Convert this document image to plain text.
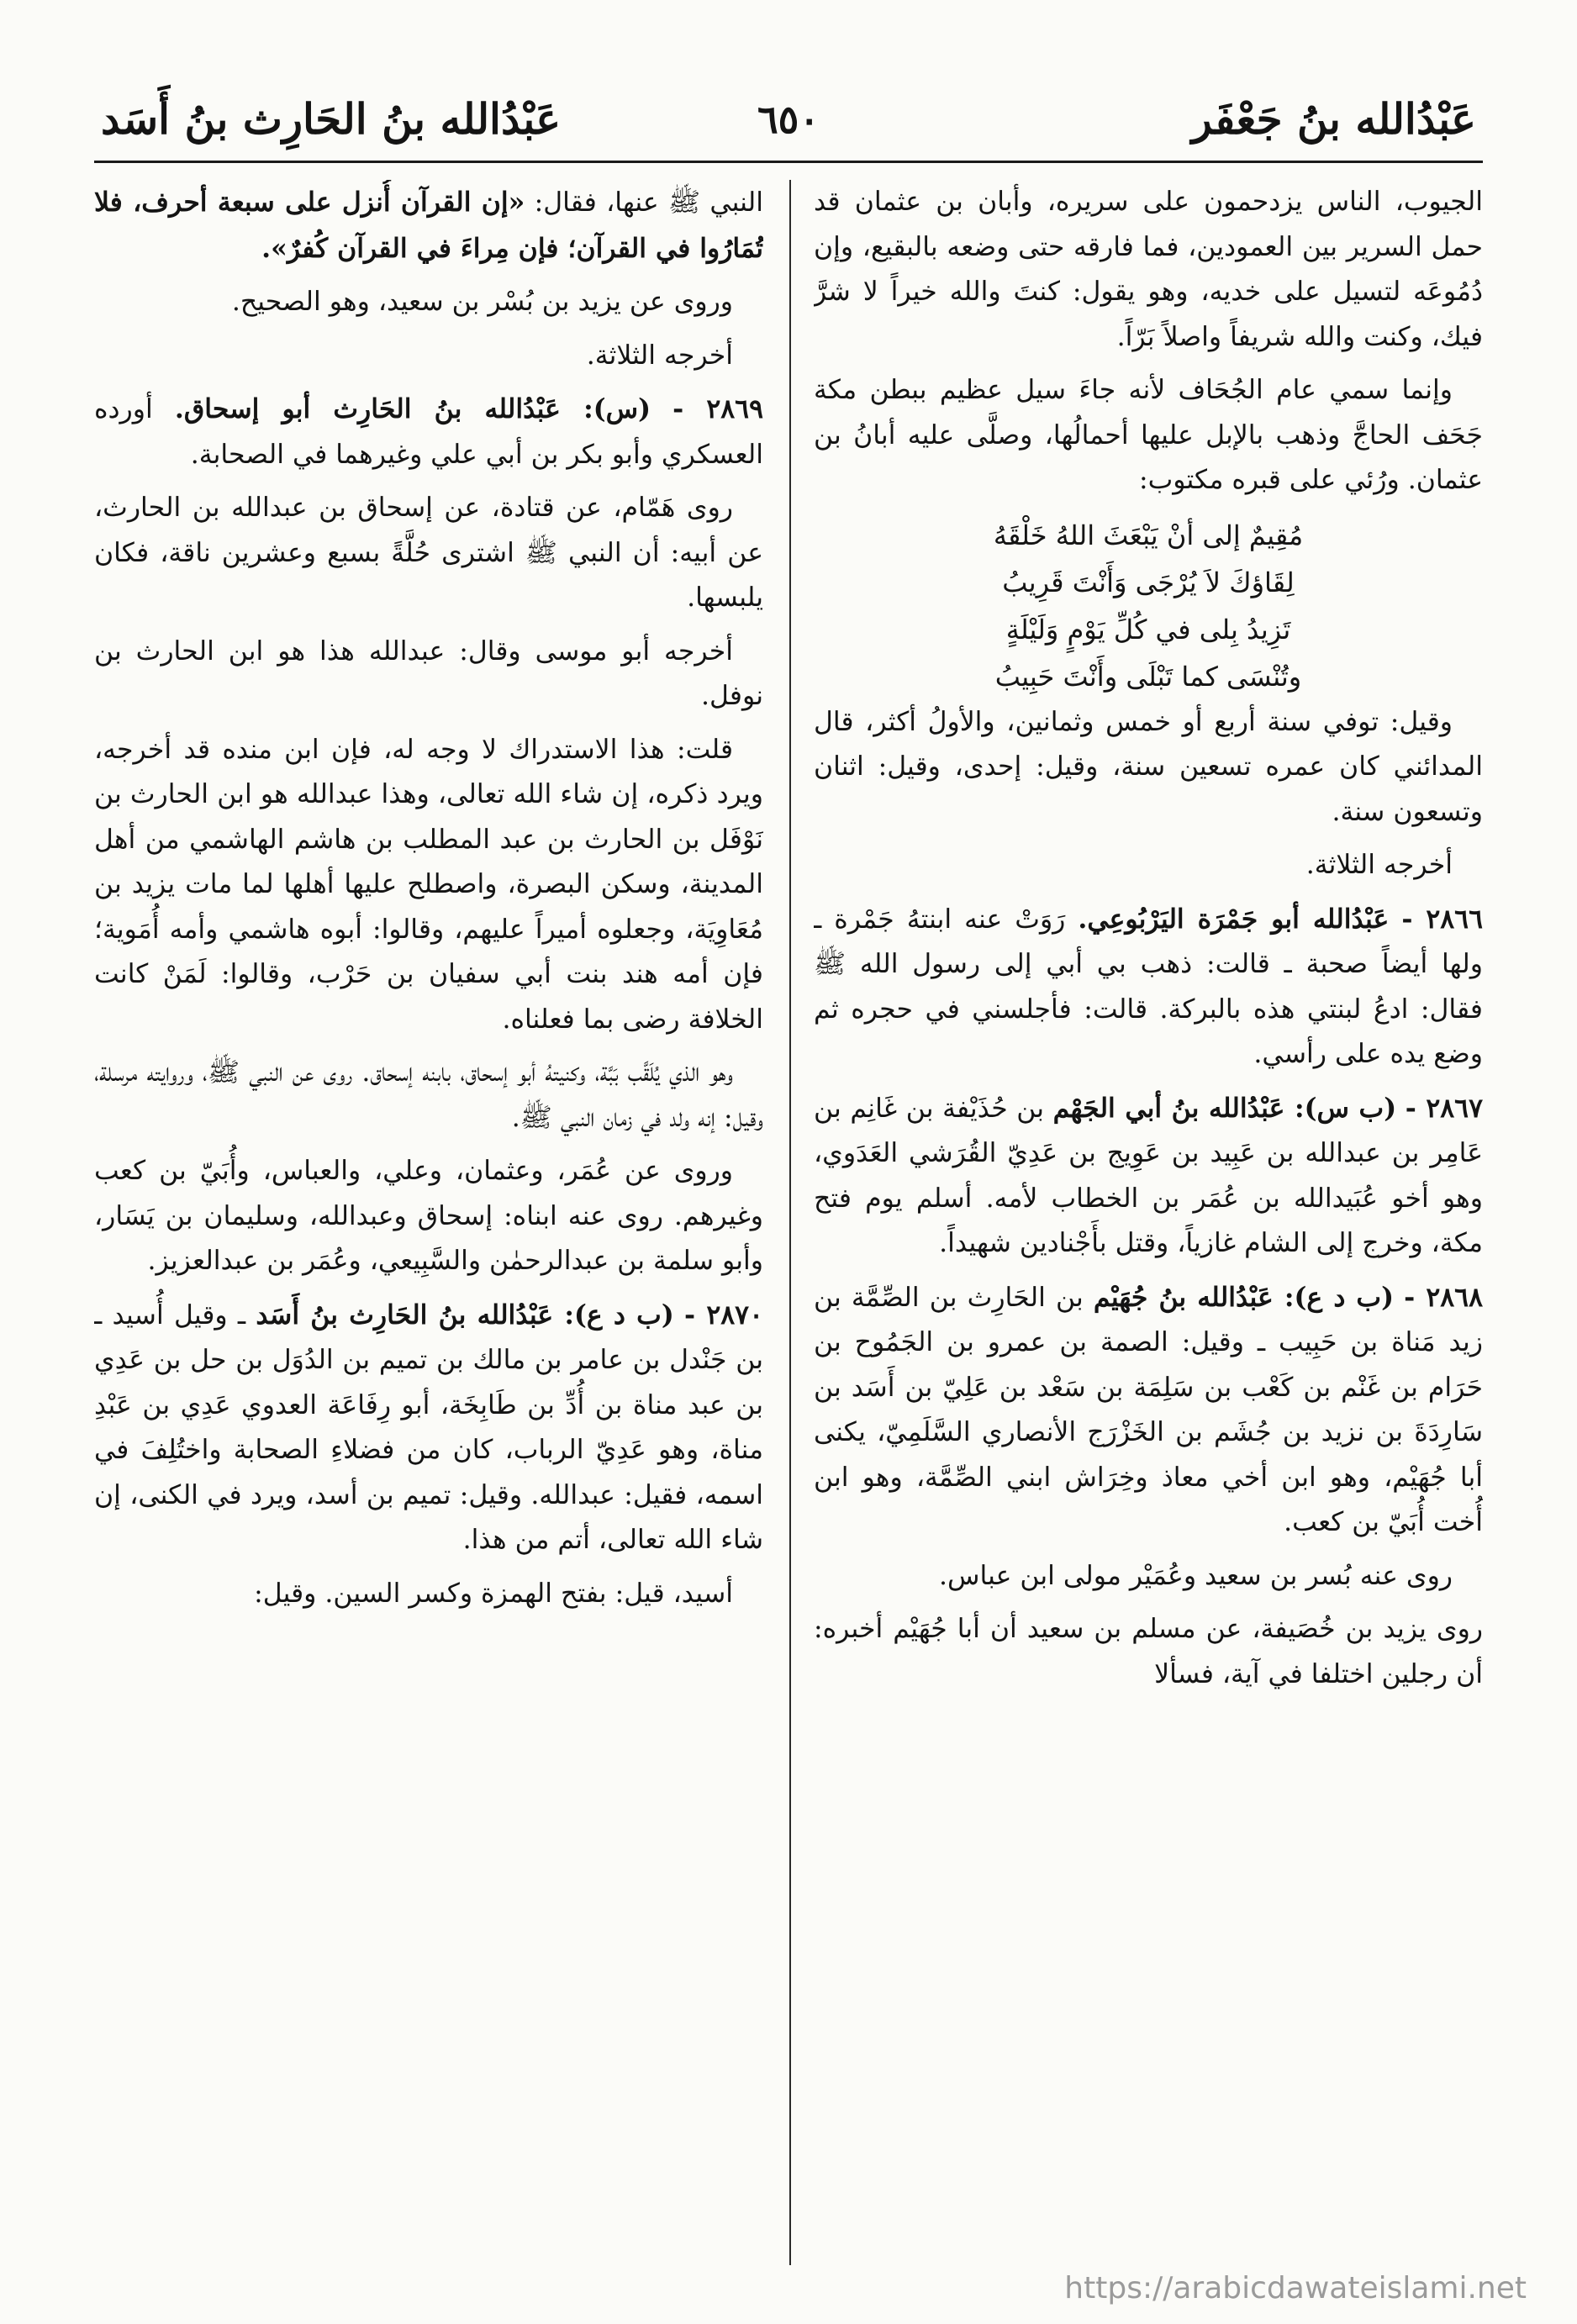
عَبْدُالله بنُ جَعْفَر
٦٥٠
عَبْدُالله بنُ الحَارِث بنُ أَسَد

الجيوب، الناس يزدحمون على سريره، وأبان بن عثمان قد حمل السرير بين العمودين، فما فارقه حتى وضعه بالبقيع، وإن دُمُوعَه لتسيل على خديه، وهو يقول: كنتَ والله خيراً لا شرَّ فيك، وكنت والله شريفاً واصلاً بَرّاً.

وإنما سمي عام الجُحَاف لأنه جاءَ سيل عظيم ببطن مكة جَحَف الحاجَّ وذهب بالإبل عليها أحمالُها، وصلَّى عليه أبانُ بن عثمان. ورُئي على قبره مكتوب:

مُقِيمٌ إلى أنْ يَبْعَثَ اللهُ خَلْقَهُ

لِقَاؤكَ لاَ يُرْجَى وَأَنْتَ قَرِيبُ

تَزِيدُ بِلى في كُلِّ يَوْمٍ وَلَيْلَةٍ

وتُنْسَى كما تَبْلَى وأَنْتَ حَبِيبُ

وقيل: توفي سنة أربع أو خمس وثمانين، والأولُ أكثر، قال المدائني كان عمره تسعين سنة، وقيل: إحدى، وقيل: اثنان وتسعون سنة.

أخرجه الثلاثة.

٢٨٦٦ - عَبْدُالله أبو جَمْرَة اليَرْبُوعِي. رَوَتْ عنه ابنتهُ جَمْرة ـ ولها أيضاً صحبة ـ قالت: ذهب بي أبي إلى رسول الله ﷺ فقال: ادعُ لبنتي هذه بالبركة. قالت: فأجلسني في حجره ثم وضع يده على رأسي.

٢٨٦٧ - (ب س): عَبْدُالله بنُ أبي الجَهْم بن حُذَيْفة بن غَانِم بن عَامِر بن عبدالله بن عَبِيد بن عَوِيج بن عَدِيّ القُرَشي العَدَوي، وهو أخو عُبَيدالله بن عُمَر بن الخطاب لأمه. أسلم يوم فتح مكة، وخرج إلى الشام غازياً، وقتل بأَجْنادين شهيداً.

٢٨٦٨ - (ب د ع): عَبْدُالله بنُ جُهَيْم بن الحَارِث بن الصِّمَّة بن زيد مَناة بن حَبِيب ـ وقيل: الصمة بن عمرو بن الجَمُوح بن حَرَام بن غَنْم بن كَعْب بن سَلِمَة بن سَعْد بن عَلِيّ بن أَسَد بن سَارِدَةَ بن نزيد بن جُشَم بن الخَزْرَج الأنصاري السَّلَمِيّ، يكنى أبا جُهَيْم، وهو ابن أخي معاذ وخِرَاش ابني الصِّمَّة، وهو ابن أُخت أُبَيّ بن كعب.

روى عنه بُسر بن سعيد وعُمَيْر مولى ابن عباس.

روى يزيد بن خُصَيفة، عن مسلم بن سعيد أن أبا جُهَيْم أخبره: أن رجلين اختلفا في آية، فسألا

النبي ﷺ عنها، فقال: «إن القرآن أُنزل على سبعة أحرف، فلا تُمَارُوا في القرآن؛ فإن مِراءَ في القرآن كُفرٌ».

وروى عن يزيد بن بُسْر بن سعيد، وهو الصحيح.

أخرجه الثلاثة.

٢٨٦٩ - (س): عَبْدُالله بنُ الحَارِث أبو إسحاق. أورده العسكري وأبو بكر بن أبي علي وغيرهما في الصحابة.

روى هَمّام، عن قتادة، عن إسحاق بن عبدالله بن الحارث، عن أبيه: أن النبي ﷺ اشترى حُلَّةً بسبع وعشرين ناقة، فكان يلبسها.

أخرجه أبو موسى وقال: عبدالله هذا هو ابن الحارث بن نوفل.

قلت: هذا الاستدراك لا وجه له، فإن ابن منده قد أخرجه، ويرد ذكره، إن شاء الله تعالى، وهذا عبدالله هو ابن الحارث بن نَوْفَل بن الحارث بن عبد المطلب بن هاشم الهاشمي من أهل المدينة، وسكن البصرة، واصطلح عليها أهلها لما مات يزيد بن مُعَاوِيَة، وجعلوه أميراً عليهم، وقالوا: أبوه هاشمي وأمه أُمَوية؛ فإن أمه هند بنت أبي سفيان بن حَرْب، وقالوا: لَمَنْ كانت الخلافة رضى بما فعلناه.

وهو الذي يُلَقَّب بَبَّة، وكنيتهُ أبو إسحاق، بابنه إسحاق. روى عن النبي ﷺ، وروايته مرسلة، وقيل: إنه ولد في زمان النبي ﷺ.

وروى عن عُمَر، وعثمان، وعلي، والعباس، وأُبَيّ بن كعب وغيرهم. روى عنه ابناه: إسحاق وعبدالله، وسليمان بن يَسَار، وأبو سلمة بن عبدالرحمٰن والسَّبِيعي، وعُمَر بن عبدالعزيز.

٢٨٧٠ - (ب د ع): عَبْدُالله بنُ الحَارِث بنُ أَسَد ـ وقيل أُسيد ـ بن جَنْدل بن عامر بن مالك بن تميم بن الدُوَل بن حل بن عَدِي بن عبد مناة بن أُدِّ بن طَابِخَة، أبو رِفَاعَة العدوي عَدِي بن عَبْدِ مناة، وهو عَدِيّ الرباب، كان من فضلاءِ الصحابة واختُلِفَ في اسمه، فقيل: عبدالله. وقيل: تميم بن أسد، ويرد في الكنى، إن شاء الله تعالى، أتم من هذا.

أسيد، قيل: بفتح الهمزة وكسر السين. وقيل:

https://arabicdawateislami.net
